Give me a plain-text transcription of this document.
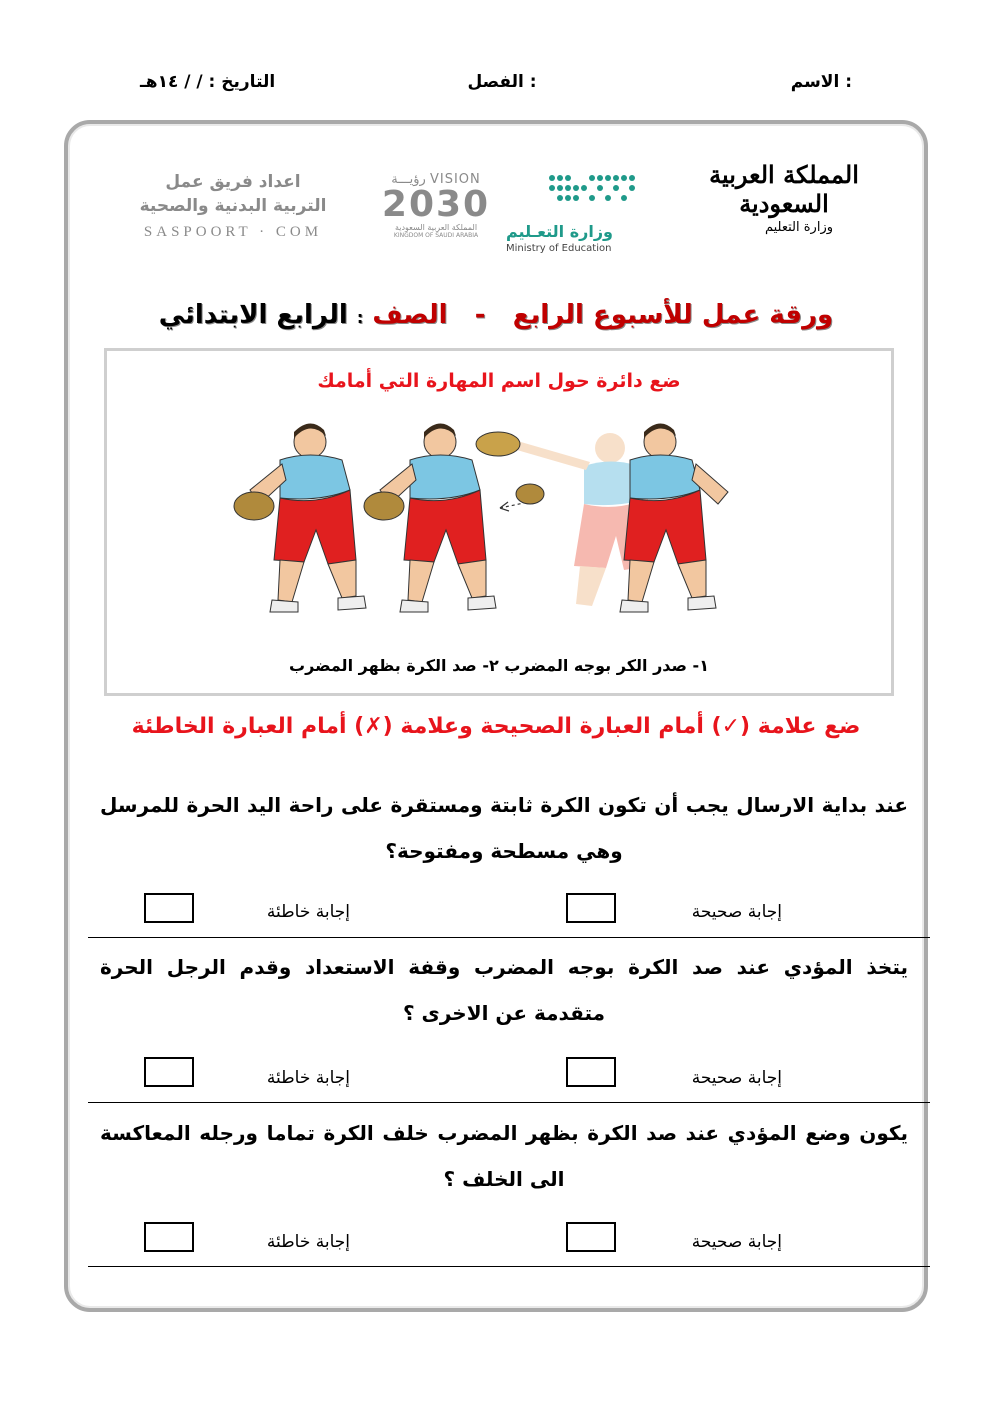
الاسم :
الفصل :
التاريخ : / / ١٤هـ
المملكة العربية السعودية
وزارة التعليم
وزارة التعـليم
Ministry of Education
رؤيـــة VISION
2030
المملكة العربية السعودية
KINGDOM OF SAUDI ARABIA
اعداد فريق عمل
التربية البدنية والصحية
SASPOORT · COM
ورقة عمل للأسبوع الرابع   -   الصف : الرابع الابتدائي
ضع دائرة حول اسم المهارة التي أمامك
١- صدر الكر بوجه المضرب ٢- صد الكرة بظهر المضرب
ضع علامة (✓) أمام العبارة الصحيحة وعلامة (✗) أمام العبارة الخاطئة
عند بداية الارسال يجب أن تكون الكرة ثابتة ومستقرة على راحة اليد الحرة للمرسل وهي مسطحة ومفتوحة؟
إجابة صحيحة
إجابة خاطئة
يتخذ المؤدي عند صد الكرة بوجه المضرب وقفة الاستعداد وقدم الرجل الحرة متقدمة عن الاخرى ؟
إجابة صحيحة
إجابة خاطئة
يكون وضع المؤدي عند صد الكرة بظهر المضرب خلف الكرة تماما ورجله المعاكسة الى الخلف ؟
إجابة صحيحة
إجابة خاطئة
